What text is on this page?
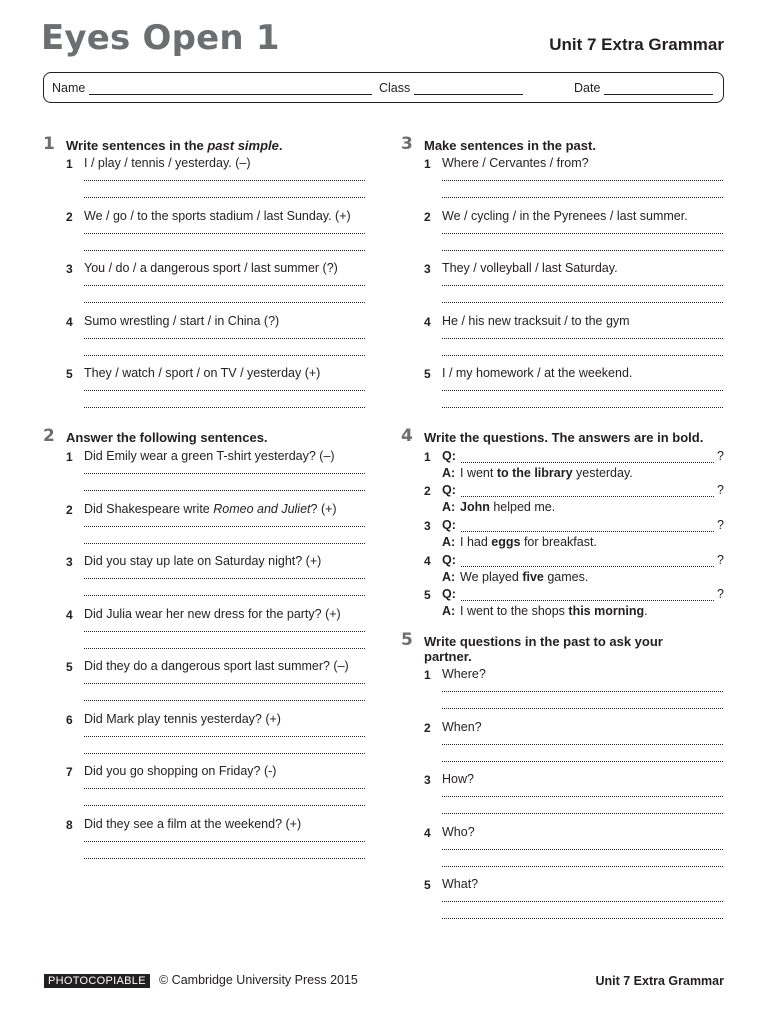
Eyes Open 1	Unit 7 Extra Grammar
Name	Class	Date
1 Write sentences in the past simple.
1 I / play / tennis / yesterday. (–)
2 We / go / to the sports stadium / last Sunday. (+)
3 You / do / a dangerous sport / last summer (?)
4 Sumo wrestling / start / in China (?)
5 They / watch / sport / on TV / yesterday (+)
2 Answer the following sentences.
1 Did Emily wear a green T-shirt yesterday? (–)
2 Did Shakespeare write Romeo and Juliet? (+)
3 Did you stay up late on Saturday night? (+)
4 Did Julia wear her new dress for the party? (+)
5 Did they do a dangerous sport last summer? (–)
6 Did Mark play tennis yesterday? (+)
7 Did you go shopping on Friday? (-)
8 Did they see a film at the weekend? (+)
3 Make sentences in the past.
1 Where / Cervantes / from?
2 We / cycling / in the Pyrenees / last summer.
3 They / volleyball / last Saturday.
4 He / his new tracksuit / to the gym
5 I / my homework / at the weekend.
4 Write the questions. The answers are in bold.
1 Q:	?
A: I went to the library yesterday.
2 Q:	?
A: John helped me.
3 Q:	?
A: I had eggs for breakfast.
4 Q:	?
A: We played five games.
5 Q:	?
A: I went to the shops this morning.
5 Write questions in the past to ask your
partner.
1 Where?
2 When?
3 How?
4 Who?
5 What?
PHOTOCOPIABLE	© Cambridge University Press 2015	Unit 7 Extra Grammar
